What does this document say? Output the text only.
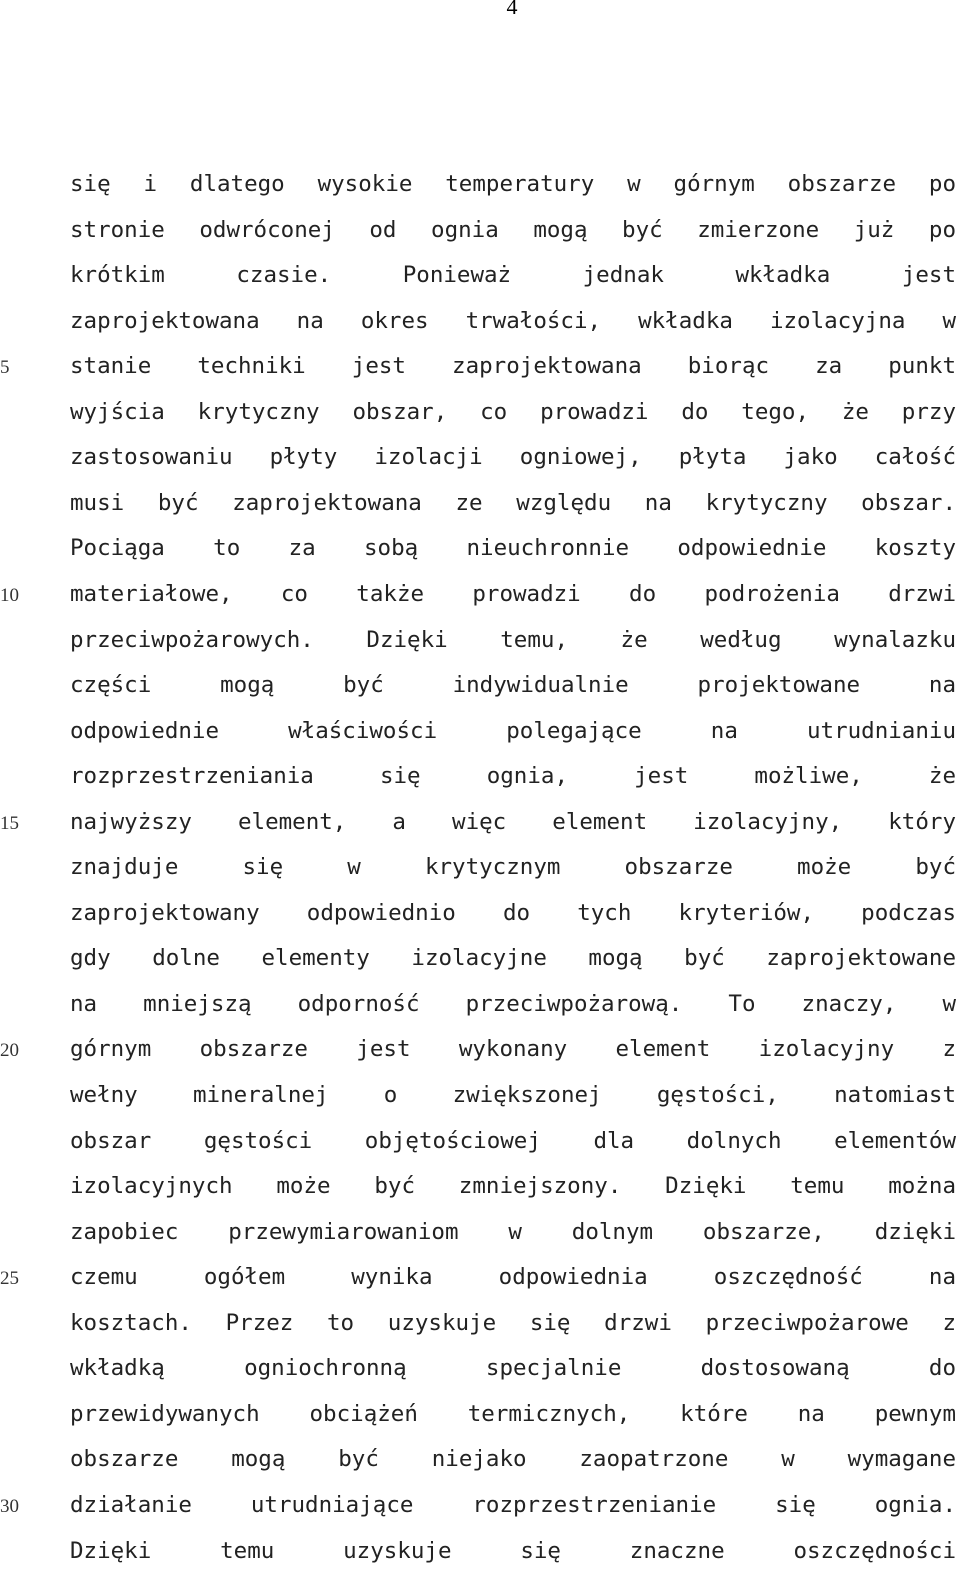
4
5
10
15
20
25
30
się i dlatego wysokie temperatury w górnym obszarze po
stronie odwróconej od ognia mogą być zmierzone już po
krótkim czasie. Ponieważ jednak wkładka jest
zaprojektowana na okres trwałości, wkładka izolacyjna w
stanie techniki jest zaprojektowana biorąc za punkt
wyjścia krytyczny obszar, co prowadzi do tego, że przy
zastosowaniu płyty izolacji ogniowej, płyta jako całość
musi być zaprojektowana ze względu na krytyczny obszar.
Pociąga to za sobą nieuchronnie odpowiednie koszty
materiałowe, co także prowadzi do podrożenia drzwi
przeciwpożarowych. Dzięki temu, że według wynalazku
części mogą być indywidualnie projektowane na
odpowiednie właściwości polegające na utrudnianiu
rozprzestrzeniania się ognia, jest możliwe, że
najwyższy element, a więc element izolacyjny, który
znajduje się w krytycznym obszarze może być
zaprojektowany odpowiednio do tych kryteriów, podczas
gdy dolne elementy izolacyjne mogą być zaprojektowane
na mniejszą odporność przeciwpożarową. To znaczy, w
górnym obszarze jest wykonany element izolacyjny z
wełny mineralnej o zwiększonej gęstości, natomiast
obszar gęstości objętościowej dla dolnych elementów
izolacyjnych może być zmniejszony. Dzięki temu można
zapobiec przewymiarowaniom w dolnym obszarze, dzięki
czemu ogółem wynika odpowiednia oszczędność na
kosztach. Przez to uzyskuje się drzwi przeciwpożarowe z
wkładką ogniochronną specjalnie dostosowaną do
przewidywanych obciążeń termicznych, które na pewnym
obszarze mogą być niejako zaopatrzone w wymagane
działanie utrudniające rozprzestrzenianie się ognia.
Dzięki temu uzyskuje się znaczne oszczędności
